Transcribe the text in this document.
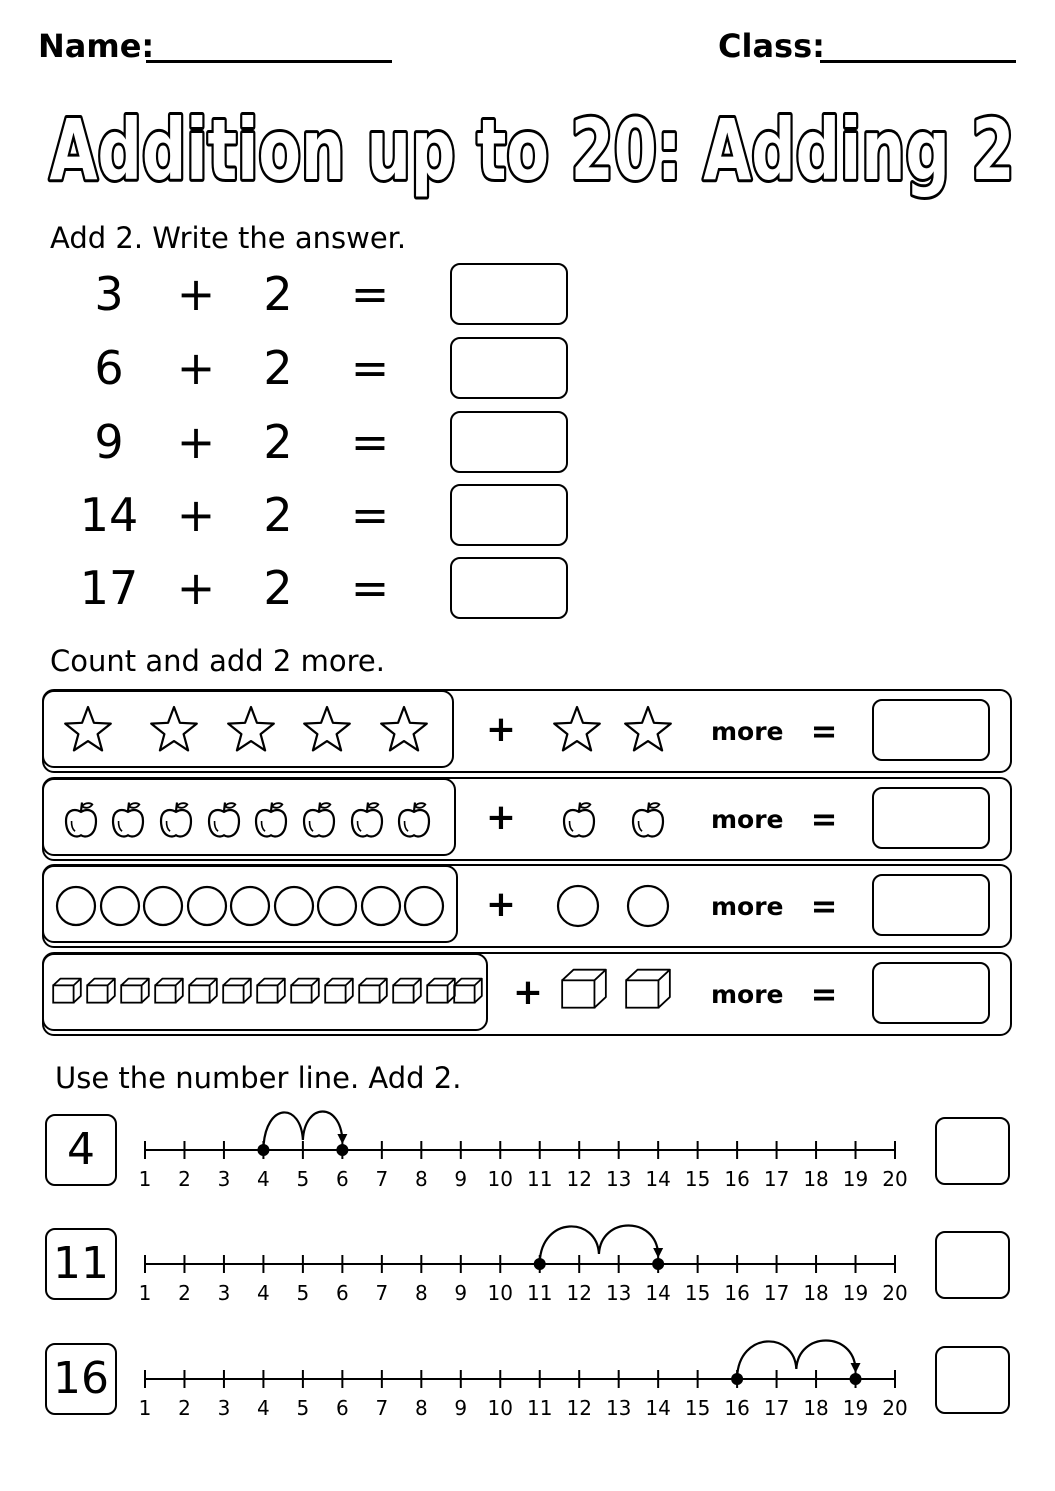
Name:	Class:
Addition up to 20: Adding 2
Add 2. Write the answer.
3	+	2	=
6	+	2	=
9	+	2	=
14 +	2	=
17 +	2	=
Count and add 2 more.
+	more =
+	more =
+	more =
+	more =
Use the number line. Add 2.
4
1 2 3 4 5 6 7 8 9 10 11 12 13 14 15 16 17 18 19 20
11
1 2 3 4 5 6 7 8 9 10 11 12 13 14 15 16 17 18 19 20
16
1 2 3 4 5 6 7 8 9 10 11 12 13 14 15 16 17 18 19 20
